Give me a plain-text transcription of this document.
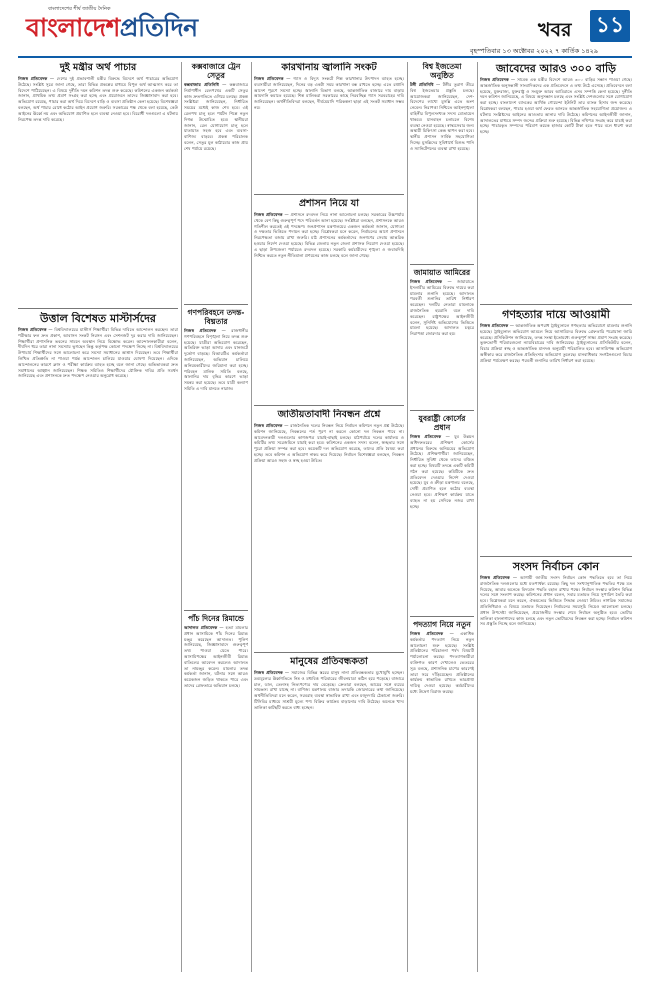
বাংলাদেশের শীর্ষ জাতীয় দৈনিক
বাংলাদেশপ্রতিদিন	খবর ১১
বৃহস্পতিবার ১৩ অক্টোবর ২০২২ ৭ কার্তিক ১৪২৯
দুই মন্ত্রীর অর্থ পাচার

নিজস্ব প্রতিবেদক — দেশের দুই প্রভাবশালী মন্ত্রীর বিরুদ্ধে বিদেশে অর্থ পাচারের অভিযোগ উঠেছে। সংশ্লিষ্ট সূত্রে জানা গেছে, তারা বিভিন্ন প্রকল্পের মাধ্যমে বিপুল অর্থ আত্মসাৎ করে তা বিদেশে পাঠিয়েছেন। এ বিষয়ে দুর্নীতি দমন কমিশন তদন্ত শুরু করেছে। কমিশনের একজন কর্মকর্তা জানান, প্রাথমিক তথ্য প্রমাণ সংগ্রহ করা হচ্ছে এবং প্রয়োজনে তাদের জিজ্ঞাসাবাদ করা হবে। অভিযোগ রয়েছে, পাচার করা অর্থ দিয়ে বিদেশে বাড়ি ও ব্যবসা প্রতিষ্ঠান কেনা হয়েছে। বিশেষজ্ঞরা বলছেন, অর্থ পাচার রোধে কঠোর আইন প্রয়োগ জরুরি। সরকারের পক্ষ থেকে বলা হয়েছে, কেউ আইনের ঊর্ধ্বে নয় এবং অভিযোগ প্রমাণিত হলে ব্যবস্থা নেওয়া হবে। বিরোধী দলগুলো এ ঘটনায় নিরপেক্ষ তদন্ত দাবি করেছে।

উত্তাল বিশেষত মাস্টার্সদের

নিজস্ব প্রতিবেদক — বিশ্ববিদ্যালয়ের মাস্টার্স শিক্ষার্থীরা বিভিন্ন দাবিতে আন্দোলন করছেন। তারা পরীক্ষার ফল দ্রুত প্রকাশ, আবাসন সংকট নিরসন এবং সেশনজট দূর করার দাবি জানিয়েছেন। শিক্ষার্থীরা প্রশাসনিক ভবনের সামনে অবস্থান নিয়ে বিক্ষোভ করেন। আন্দোলনকারীরা বলেন, দীর্ঘদিন ধরে তারা নানা সমস্যায় ভুগছেন কিন্তু কর্তৃপক্ষ কোনো পদক্ষেপ নিচ্ছে না। বিশ্ববিদ্যালয়ের উপাচার্য শিক্ষার্থীদের সঙ্গে আলোচনা করে সমস্যা সমাধানের আশ্বাস দিয়েছেন। তবে শিক্ষার্থীরা লিখিত প্রতিশ্রুতি না পাওয়া পর্যন্ত আন্দোলন চালিয়ে যাওয়ার ঘোষণা দিয়েছেন। এদিকে আন্দোলনের কারণে ক্লাস ও পরীক্ষা কার্যক্রম ব্যাহত হচ্ছে বলে জানা গেছে। অভিভাবকরা দ্রুত সমাধানের আহ্বান জানিয়েছেন। শিক্ষক সমিতিও শিক্ষার্থীদের যৌক্তিক দাবির প্রতি সমর্থন জানিয়েছে এবং প্রশাসনকে দ্রুত পদক্ষেপ নেওয়ার অনুরোধ করেছে।

কক্সবাজারে ট্রেন সেতুর

কক্সবাজার প্রতিনিধি — কক্সবাজারে নির্মাণাধীন রেলপথের একটি সেতুর কাজ দ্রুতগতিতে এগিয়ে চলছে। প্রকল্প সংশ্লিষ্টরা জানিয়েছেন, নির্ধারিত সময়ের মধ্যেই কাজ শেষ হবে। এই রেলপথ চালু হলে পর্যটন শিল্পে নতুন দিগন্ত উন্মোচিত হবে। স্থানীয়রা জানান, রেল যোগাযোগ চালু হলে যাতায়াত সহজ হবে এবং ব্যবসা-বাণিজ্য বাড়বে। প্রকল্প পরিচালক বলেন, সেতুর মূল কাঠামোর কাজ প্রায় শেষ পর্যায়ে রয়েছে।

গণপরিবহনে তদন্ত-বিঘ্নতার

নিজস্ব প্রতিবেদক — রাজধানীর গণপরিবহনে বিশৃঙ্খলা নিয়ে তদন্ত শুরু হয়েছে। যাত্রীরা অভিযোগ করেছেন, অতিরিক্ত ভাড়া আদায় এবং যানজটে দুর্ভোগ বাড়ছে। বিআরটিএ কর্মকর্তারা জানিয়েছেন, অভিযান চালিয়ে অনিয়মকারীদের জরিমানা করা হচ্ছে। পরিবহন মালিক সমিতি বলছে, জ্বালানির দাম বৃদ্ধির কারণে ভাড়া সমন্বয় করা হয়েছে। তবে যাত্রী কল্যাণ সমিতি এ দাবি মানতে নারাজ।

পাঁচ দিনের রিমান্ডে

আদালত প্রতিবেদক — হত্যা মামলার প্রধান আসামিকে পাঁচ দিনের রিমান্ড মঞ্জুর করেছেন আদালত। পুলিশ জানিয়েছে, জিজ্ঞাসাবাদে গুরুত্বপূর্ণ তথ্য পাওয়া যেতে পারে। আসামিপক্ষের আইনজীবী রিমান্ড বাতিলের আবেদন করলেও আদালত তা নামঞ্জুর করেন। মামলার তদন্ত কর্মকর্তা জানান, ঘটনার সঙ্গে আরও কয়েকজন জড়িত থাকতে পারে এবং তাদের গ্রেফতারে অভিযান চলছে।

কারখানায় জ্বালানি সংকট

নিজস্ব প্রতিবেদক — গ্যাস ও বিদ্যুৎ সংকটে শিল্প কারখানার উৎপাদন ব্যাহত হচ্ছে। ব্যবসায়ীরা জানিয়েছেন, দিনের বড় একটা সময় কারখানা বন্ধ রাখতে হচ্ছে। এতে রপ্তানি আদেশ পূরণে সমস্যা হচ্ছে। জ্বালানি বিভাগ বলছে, আন্তর্জাতিক বাজারে দাম বাড়ায় আমদানি কমাতে হয়েছে। শিল্প মালিকরা সরকারের কাছে নিরবচ্ছিন্ন গ্যাস সরবরাহের দাবি জানিয়েছেন। অর্থনীতিবিদরা বলছেন, দীর্ঘমেয়াদি পরিকল্পনা ছাড়া এই সংকট সমাধান সম্ভব নয়।

প্রশাসন নিয়ে যা

নিজস্ব প্রতিবেদক — প্রশাসনে রদবদল নিয়ে নানা আলোচনা চলছে। সরকারের উচ্চপর্যায় থেকে বেশ কিছু গুরুত্বপূর্ণ পদে পরিবর্তন আনা হয়েছে। সংশ্লিষ্টরা বলছেন, প্রশাসনকে আরও গতিশীল করতেই এই পদক্ষেপ। জনপ্রশাসন মন্ত্রণালয়ের একজন কর্মকর্তা জানান, যোগ্যতা ও দক্ষতার ভিত্তিতে পদায়ন করা হচ্ছে। বিশ্লেষকরা মনে করেন, নির্বাচনের আগে প্রশাসনে নিরপেক্ষতা বজায় রাখা জরুরি। মাঠ প্রশাসনের কর্মকর্তাদের জনগণের সেবায় আন্তরিক হওয়ার নির্দেশ দেওয়া হয়েছে। বিভিন্ন জেলায় নতুন জেলা প্রশাসক নিয়োগ দেওয়া হয়েছে। এ ছাড়া উপজেলা পর্যায়েও রদবদল হয়েছে। সরকারি কর্মচারীদের শৃঙ্খলা ও জবাবদিহি নিশ্চিত করতে নতুন নীতিমালা প্রণয়নের কাজ চলছে বলে জানা গেছে।

জাতীয়তাবাদী নিবন্ধন প্রশ্নে

নিজস্ব প্রতিবেদক — রাজনৈতিক দলের নিবন্ধন নিয়ে নির্বাচন কমিশনে নতুন প্রশ্ন উঠেছে। কমিশন জানিয়েছে, নিবন্ধনের শর্ত পূরণ না করলে কোনো দল নিবন্ধন পাবে না। আবেদনকারী দলগুলোর কাগজপত্র যাচাই-বাছাই চলছে। মাঠপর্যায়ে দলের কার্যালয় ও কমিটির তথ্য সরেজমিনে যাচাই করা হবে। কমিশনের একজন সদস্য বলেন, স্বচ্ছতার সঙ্গে পুরো প্রক্রিয়া সম্পন্ন করা হবে। কয়েকটি দল অভিযোগ করেছে, তাদের প্রতি বৈষম্য করা হচ্ছে। তবে কমিশন এ অভিযোগ নাকচ করে দিয়েছে। নির্বাচন বিশেষজ্ঞরা বলছেন, নিবন্ধন প্রক্রিয়া আরও সহজ ও স্বচ্ছ হওয়া উচিত।

মানুষের প্রতিবন্ধকতা

নিজস্ব প্রতিবেদক — সমাজের বিভিন্ন স্তরের মানুষ নানা প্রতিবন্ধকতার মুখোমুখি হচ্ছেন। দ্রব্যমূল্যের ঊর্ধ্বগতিতে নিম্ন ও মধ্যবিত্ত পরিবারের জীবনযাত্রা কঠিন হয়ে পড়েছে। বাজারে চাল, ডাল, তেলসহ নিত্যপণ্যের দাম বেড়েছে। ক্রেতারা বলছেন, আয়ের সঙ্গে ব্যয়ের সামঞ্জস্য রাখা যাচ্ছে না। বাণিজ্য মন্ত্রণালয় বাজার তদারকি জোরদারের কথা জানিয়েছে। অর্থনীতিবিদরা মনে করেন, সরবরাহ ব্যবস্থা স্বাভাবিক রাখা এবং মজুদদারি ঠেকানো জরুরি। টিসিবির মাধ্যমে সাশ্রয়ী মূল্যে পণ্য বিক্রির কার্যক্রম বাড়ানোর দাবি উঠেছে। অনেকে খাদ্য তালিকা কাটছাঁট করতে বাধ্য হচ্ছেন।

বিশ্ব ইজতেমা অনুষ্ঠিত

টঙ্গী প্রতিনিধি — টঙ্গীর তুরাগ তীরে বিশ্ব ইজতেমার প্রস্তুতি চলছে। আয়োজকরা জানিয়েছেন, দেশ-বিদেশের লাখো মুসল্লি এতে অংশ নেবেন। নিরাপত্তা নিশ্চিতে আইনশৃঙ্খলা বাহিনীর বিপুলসংখ্যক সদস্য মোতায়েন থাকবে। যানবাহন চলাচলে বিশেষ ব্যবস্থা নেওয়া হয়েছে। স্বাস্থ্যসেবার জন্য অস্থায়ী চিকিৎসা কেন্দ্র স্থাপন করা হবে। স্থানীয় প্রশাসন সার্বিক সহযোগিতা দিচ্ছে। মুসল্লিদের সুবিধার্থে বিশুদ্ধ পানি ও স্যানিটেশনের ব্যবস্থা রাখা হয়েছে।

জামায়াত আমিরের

নিজস্ব প্রতিবেদক — জামায়াতে ইসলামীর আমিরের বিরুদ্ধে দায়ের করা মামলার শুনানি হয়েছে। আদালত পরবর্তী শুনানির তারিখ নির্ধারণ করেছেন। দলটির নেতারা মামলাকে রাজনৈতিক হয়রানি বলে দাবি করেছেন। রাষ্ট্রপক্ষের আইনজীবী বলেন, সুনির্দিষ্ট অভিযোগের ভিত্তিতে মামলা হয়েছে। আদালত চত্বরে নিরাপত্তা জোরদার করা হয়।

যুবরাষ্ট্রী কোর্সের প্রধান

নিজস্ব প্রতিবেদক — যুব উন্নয়ন অধিদফতরের প্রশিক্ষণ কোর্সের প্রধানের বিরুদ্ধে অনিয়মের অভিযোগ উঠেছে। প্রশিক্ষণার্থীরা জানিয়েছেন, নির্ধারিত সুবিধা থেকে তাদের বঞ্চিত করা হচ্ছে। বিষয়টি তদন্তে একটি কমিটি গঠন করা হয়েছে। কমিটিকে দ্রুত প্রতিবেদন দেওয়ার নির্দেশ দেওয়া হয়েছে। যুব ও ক্রীড়া মন্ত্রণালয় বলেছে, দোষী প্রমাণিত হলে কঠোর ব্যবস্থা নেওয়া হবে। প্রশিক্ষণ কার্যক্রম যাতে ব্যাহত না হয় সেদিকে নজর রাখা হচ্ছে।

পদত্যাগ নিয়ে নতুন

নিজস্ব প্রতিবেদক — একাধিক কর্মকর্তার পদত্যাগ নিয়ে নতুন আলোচনা শুরু হয়েছে। সংশ্লিষ্ট প্রতিষ্ঠানের পরিচালনা পর্ষদ বিষয়টি পর্যালোচনা করছে। পদত্যাগকারীরা ব্যক্তিগত কারণ দেখালেও ভেতরের সূত্র বলছে, প্রশাসনিক চাপের কারণেই তারা সরে দাঁড়িয়েছেন। প্রতিষ্ঠানের কার্যক্রম স্বাভাবিক রাখতে ভারপ্রাপ্ত দায়িত্ব দেওয়া হয়েছে। কর্মচারীদের মধ্যে উদ্বেগ বিরাজ করছে।

জাবেদের আরও ৩০০ বাড়ি

নিজস্ব প্রতিবেদক — সাবেক এক মন্ত্রীর বিদেশে আরও ৩০০ বাড়ির সন্ধান পাওয়া গেছে। আন্তর্জাতিক অনুসন্ধানী সাংবাদিকদের এক প্রতিবেদনে এ তথ্য উঠে এসেছে। প্রতিবেদনে বলা হয়েছে, যুক্তরাজ্য, যুক্তরাষ্ট্র ও সংযুক্ত আরব আমিরাতে এসব সম্পত্তি কেনা হয়েছে। দুর্নীতি দমন কমিশন জানিয়েছে, এ বিষয়ে অনুসন্ধান চলছে এবং সংশ্লিষ্ট দেশগুলোর সঙ্গে যোগাযোগ করা হচ্ছে। বাংলাদেশ ব্যাংকের আর্থিক গোয়েন্দা ইউনিট তার ব্যাংক হিসাব জব্দ করেছে। বিশ্লেষকরা বলছেন, পাচার হওয়া অর্থ ফেরত আনতে আন্তর্জাতিক সহযোগিতা প্রয়োজন। এ ঘটনায় সংশ্লিষ্টদের আইনের আওতায় আনার দাবি উঠেছে। কমিশনের আইনজীবী জানান, আদালতের মাধ্যমে সম্পদ জব্দের প্রক্রিয়া শুরু হয়েছে। বিভিন্ন নথিপত্র সংগ্রহ করে যাচাই করা হচ্ছে। পাচারকৃত সম্পদের পরিমাণ কয়েক হাজার কোটি টাকা হতে পারে বলে ধারণা করা হচ্ছে।

গণহত্যার দায়ে আওয়ামী

নিজস্ব প্রতিবেদক — আন্তর্জাতিক অপরাধ ট্রাইব্যুনালে গণহত্যার অভিযোগে মামলার শুনানি হয়েছে। ট্রাইব্যুনাল অভিযোগ আমলে নিয়ে আসামিদের বিরুদ্ধে গ্রেফতারি পরোয়ানা জারি করেছে। প্রসিকিউশন জানিয়েছে, তদন্ত সংস্থা ইতোমধ্যে গুরুত্বপূর্ণ সাক্ষ্য প্রমাণ সংগ্রহ করেছে। ভুক্তভোগী পরিবারগুলো ন্যায়বিচারের দাবি জানিয়েছে। ট্রাইব্যুনালের প্রসিকিউটর বলেন, বিচার প্রক্রিয়া স্বচ্ছ ও আন্তর্জাতিক মানদণ্ড অনুযায়ী পরিচালিত হবে। আসামিপক্ষ অভিযোগ অস্বীকার করে রাজনৈতিক প্রতিহিংসার অভিযোগ তুলেছে। মানবাধিকার সংগঠনগুলো বিচার প্রক্রিয়া পর্যবেক্ষণ করছে। পরবর্তী শুনানির তারিখ নির্ধারণ করা হয়েছে।

সংসদ নির্বাচন কোন

নিজস্ব প্রতিবেদক — আগামী জাতীয় সংসদ নির্বাচন কোন পদ্ধতিতে হবে তা নিয়ে রাজনৈতিক দলগুলোর মধ্যে মতপার্থক্য রয়েছে। কিছু দল সংখ্যানুপাতিক পদ্ধতির পক্ষে মত দিয়েছে, আবার অনেকে বিদ্যমান পদ্ধতি বহাল রাখার পক্ষে। নির্বাচন সংস্কার কমিশন বিভিন্ন দলের সঙ্গে সংলাপ করছে। কমিশনের প্রধান বলেন, সবার মতামত নিয়ে সুপারিশ তৈরি করা হবে। বিশ্লেষকরা মনে করেন, ঐকমত্যের ভিত্তিতে সিদ্ধান্ত নেওয়া উচিত। নাগরিক সমাজের প্রতিনিধিরাও এ বিষয়ে মতামত দিয়েছেন। নির্বাচনের সময়সূচি নিয়েও আলোচনা চলছে। প্রধান উপদেষ্টা জানিয়েছেন, প্রয়োজনীয় সংস্কার শেষে নির্বাচন অনুষ্ঠিত হবে। ভোটার তালিকা হালনাগাদের কাজ চলছে এবং নতুন ভোটারদের নিবন্ধন করা হচ্ছে। নির্বাচন কমিশন সব প্রস্তুতি নিচ্ছে বলে জানিয়েছে।
